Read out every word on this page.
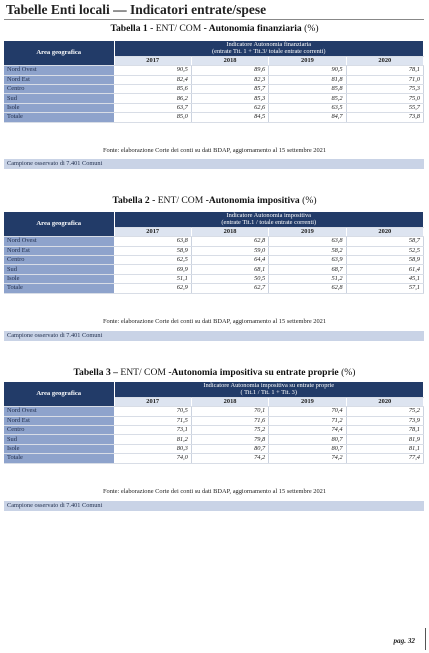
Tabelle Enti locali — Indicatori entrate/spese
Tabella 1 - ENT/ COM - Autonomia finanziaria (%)
Area geografica	Indicatore Autonomia finanziaria
(entrate Tit. 1 + Tit.3/ totale entrate correnti)			

	2017	2018	2019	2020
Nord Ovest	90,5	89,6	90,5	78,1
Nord Est	82,4	82,3	81,8	71,0
Centro	85,6	85,7	85,8	75,3
Sud	86,2	85,3	85,2	75,0
Isole	63,7	62,6	63,5	55,7
Totale	85,0	84,5	84,7	73,8
Fonte: elaborazione Corte dei conti su dati BDAP, aggiornamento al 15 settembre 2021
Campione osservato di 7.401 Comuni
Tabella 2 - ENT/ COM -Autonomia impositiva (%)
Area geografica	Indicatore Autonomia impositiva
(entrate Tit.1 / totale entrate correnti)			

	2017	2018	2019	2020
Nord Ovest	63,8	62,8	63,8	58,7
Nord Est	58,9	59,0	58,2	52,5
Centro	62,5	64,4	63,9	58,9
Sud	69,9	68,1	68,7	61,4
Isole	51,1	50,5	51,2	45,1
Totale	62,9	62,7	62,8	57,1
Fonte: elaborazione Corte dei conti su dati BDAP, aggiornamento al 15 settembre 2021
Campione osservato di 7.401 Comuni
Tabella 3 – ENT/ COM -Autonomia impositiva su entrate proprie (%)
Area geografica	Indicatore Autonomia impositiva su entrate proprie
( Tit.1 / Tit. 1 + Tit. 3)			

	2017	2018	2019	2020
Nord Ovest	70,5	70,1	70,4	75,2
Nord Est	71,5	71,6	71,2	73,9
Centro	73,1	75,2	74,4	78,1
Sud	81,2	79,8	80,7	81,9
Isole	80,3	80,7	80,7	81,1
Totale	74,0	74,2	74,2	77,4
Fonte: elaborazione Corte dei conti su dati BDAP, aggiornamento al 15 settembre 2021
Campione osservato di 7.401 Comuni
pag. 32
